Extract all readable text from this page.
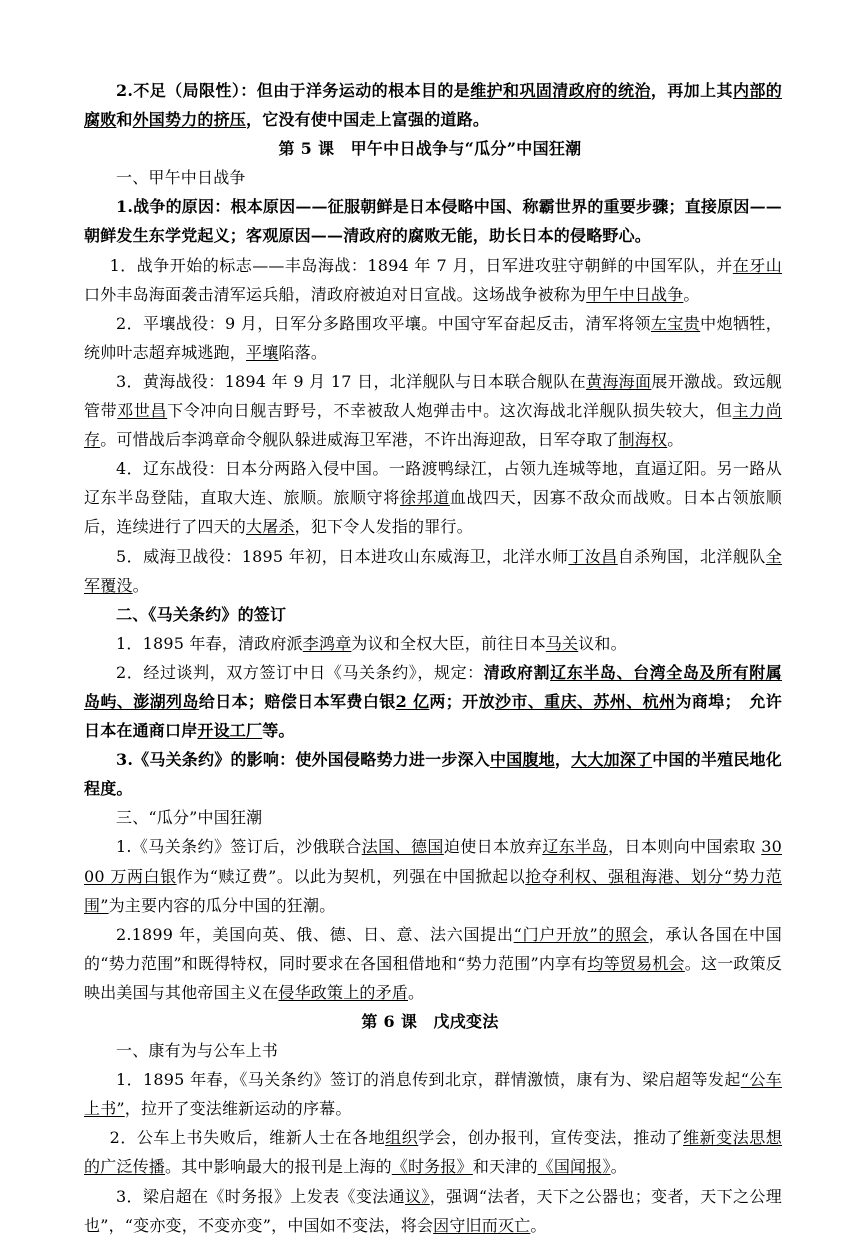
2.不足（局限性）：但由于洋务运动的根本目的是维护和巩固清政府的统治，再加上其内部的腐败和外国势力的挤压，它没有使中国走上富强的道路。

第 5 课　甲午中日战争与“瓜分”中国狂潮

一、甲午中日战争

1.战争的原因：根本原因——征服朝鲜是日本侵略中国、称霸世界的重要步骤；直接原因——朝鲜发生东学党起义；客观原因——清政府的腐败无能，助长日本的侵略野心。

1．战争开始的标志——丰岛海战：1894 年 7 月，日军进攻驻守朝鲜的中国军队，并在牙山口外丰岛海面袭击清军运兵船，清政府被迫对日宣战。这场战争被称为甲午中日战争。

2．平壤战役：9 月，日军分多路围攻平壤。中国守军奋起反击，清军将领左宝贵中炮牺牲，统帅叶志超弃城逃跑，平壤陷落。

3．黄海战役：1894 年 9 月 17 日，北洋舰队与日本联合舰队在黄海海面展开激战。致远舰管带邓世昌下令冲向日舰吉野号，不幸被敌人炮弹击中。这次海战北洋舰队损失较大，但主力尚存。可惜战后李鸿章命令舰队躲进威海卫军港，不许出海迎敌，日军夺取了制海权。

4．辽东战役：日本分两路入侵中国。一路渡鸭绿江，占领九连城等地，直逼辽阳。另一路从辽东半岛登陆，直取大连、旅顺。旅顺守将徐邦道血战四天，因寡不敌众而战败。日本占领旅顺后，连续进行了四天的大屠杀，犯下令人发指的罪行。

5．威海卫战役：1895 年初，日本进攻山东威海卫，北洋水师丁汝昌自杀殉国，北洋舰队全军覆没。

二、《马关条约》的签订

1．1895 年春，清政府派李鸿章为议和全权大臣，前往日本马关议和。

2．经过谈判，双方签订中日《马关条约》，规定：清政府割辽东半岛、台湾全岛及所有附属岛屿、澎湖列岛给日本；赔偿日本军费白银2 亿两；开放沙市、重庆、苏州、杭州为商埠；　允许日本在通商口岸开设工厂等。

3.《马关条约》的影响：使外国侵略势力进一步深入中国腹地，大大加深了中国的半殖民地化程度。

三、“瓜分”中国狂潮

1.《马关条约》签订后，沙俄联合法国、德国迫使日本放弃辽东半岛，日本则向中国索取 3000 万两白银作为“赎辽费”。以此为契机，列强在中国掀起以抢夺利权、强租海港、划分“势力范围”为主要内容的瓜分中国的狂潮。

2.1899 年，美国向英、俄、德、日、意、法六国提出“门户开放”的照会，承认各国在中国的“势力范围”和既得特权，同时要求在各国租借地和“势力范围”内享有均等贸易机会。这一政策反映出美国与其他帝国主义在侵华政策上的矛盾。

第 6 课　戊戌变法

一、康有为与公车上书

1．1895 年春，《马关条约》签订的消息传到北京，群情激愤，康有为、梁启超等发起“公车上书”，拉开了变法维新运动的序幕。

2．公车上书失败后，维新人士在各地组织学会，创办报刊，宣传变法，推动了维新变法思想的广泛传播。其中影响最大的报刊是上海的《时务报》和天津的《国闻报》。

3．梁启超在《时务报》上发表《变法通议》，强调“法者，天下之公器也；变者，天下之公理也”，“变亦变，不变亦变”，中国如不变法，将会因守旧而灭亡。
